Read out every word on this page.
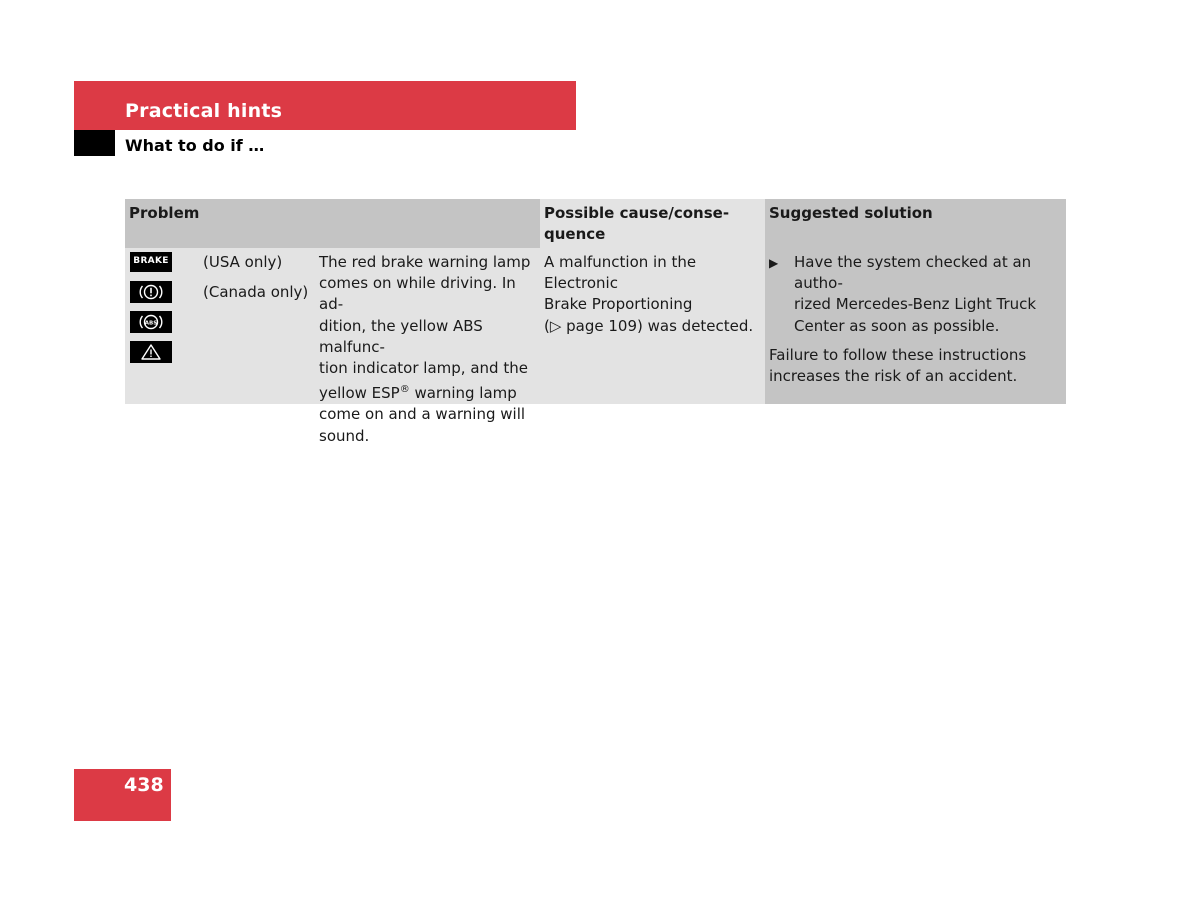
Practical hints
What to do if …
Problem	Possible cause/conse-
quence
Suggested solution
BRAKE
ABS
(USA only)
(Canada only)
The red brake warning lamp
comes on while driving. In ad-
dition, the yellow ABS malfunc-
tion indicator lamp, and the
yellow ESP® warning lamp
come on and a warning will
sound.
A malfunction in the Electronic
Brake Proportioning
(▷ page 109) was detected.
▶	Have the system checked at an autho-
rized Mercedes-Benz Light Truck
Center as soon as possible.
Failure to follow these instructions
increases the risk of an accident.
438
